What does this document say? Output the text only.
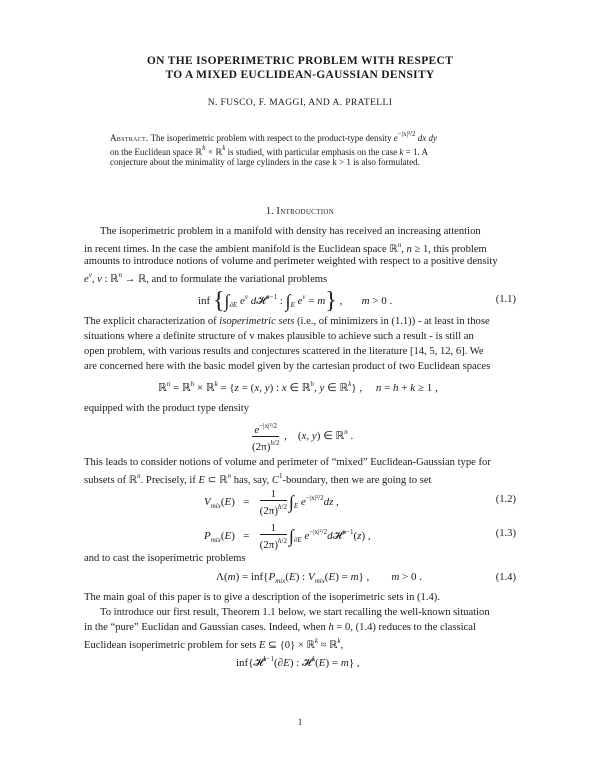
ON THE ISOPERIMETRIC PROBLEM WITH RESPECT
TO A MIXED EUCLIDEAN-GAUSSIAN DENSITY
N. FUSCO, F. MAGGI, AND A. PRATELLI
Abstract. The isoperimetric problem with respect to the product-type density $e^{-|x|^2/2}$ dx dy
on the Euclidean space ℝ$^h$ × ℝ$^k$ is studied, with particular emphasis on the case k = 1. A
conjecture about the minimality of large cylinders in the case k > 1 is also formulated.
1. Introduction
The isoperimetric problem in a manifold with density has received an increasing attention
in recent times. In the case the ambient manifold is the Euclidean space ℝ$^n$, n ≥ 1, this problem
amounts to introduce notions of volume and perimeter weighted with respect to a positive density
$e^v$, v : ℝ$^n$ → ℝ, and to formulate the variational problems
inf {$\int_{\partial E}$ $e^v$ d𝓗$^{n-1}$ : $\int_E$ $e^v = m$} ,       m > 0 .	(1.1)
The explicit characterization of isoperimetric sets (i.e., of minimizers in (1.1)) - at least in those
situations where a definite structure of v makes plausible to achieve such a result - is still an
open problem, with various results and conjectures scattered in the literature [14, 5, 12, 6]. We
are concerned here with the basic model given by the cartesian product of two Euclidean spaces
ℝ$^n$ = ℝ$^h$ × ℝ$^k$ = {z = (x, y) : x ∈ ℝ$^h$, y ∈ ℝ$^k$} ,     n = h + k ≥ 1 ,
equipped with the product type density
$\frac{e^{-|x|^2/2}}{(2\pi)^{h/2}}$ ,    (x, y) ∈ ℝ$^n$ .
This leads to consider notions of volume and perimeter of “mixed” Euclidean-Gaussian type for
subsets of ℝ$^n$. Precisely, if E ⊂ ℝ$^n$ has, say, $C^1$-boundary, then we are going to set
$V_{mix}(E) = \frac{1}{(2\pi)^{h/2}} \int_E$ $e^{-|x|^2/2}dz$ ,	(1.2)
$P_{mix}(E) = \frac{1}{(2\pi)^{h/2}} \int_{\partial E}$ $e^{-|x|^2/2}d𝓗^{n-1}(z)$ ,	(1.3)
and to cast the isoperimetric problems
$\Lambda(m) = inf\{P_{mix}(E)$ : $V_{mix}(E) = m$} ,        m > 0 .	(1.4)
The main goal of this paper is to give a description of the isoperimetric sets in (1.4).
To introduce our first result, Theorem 1.1 below, we start recalling the well-known situation
in the “pure” Euclidan and Gaussian cases. Indeed, when h = 0, (1.4) reduces to the classical
Euclidean isoperimetric problem for sets E ⊆ {0} × ℝ$^k$ ≈ ℝ$^k$,
inf{𝓗$^{k-1}$(∂E) : 𝓗$^k$(E) = m} ,
1
